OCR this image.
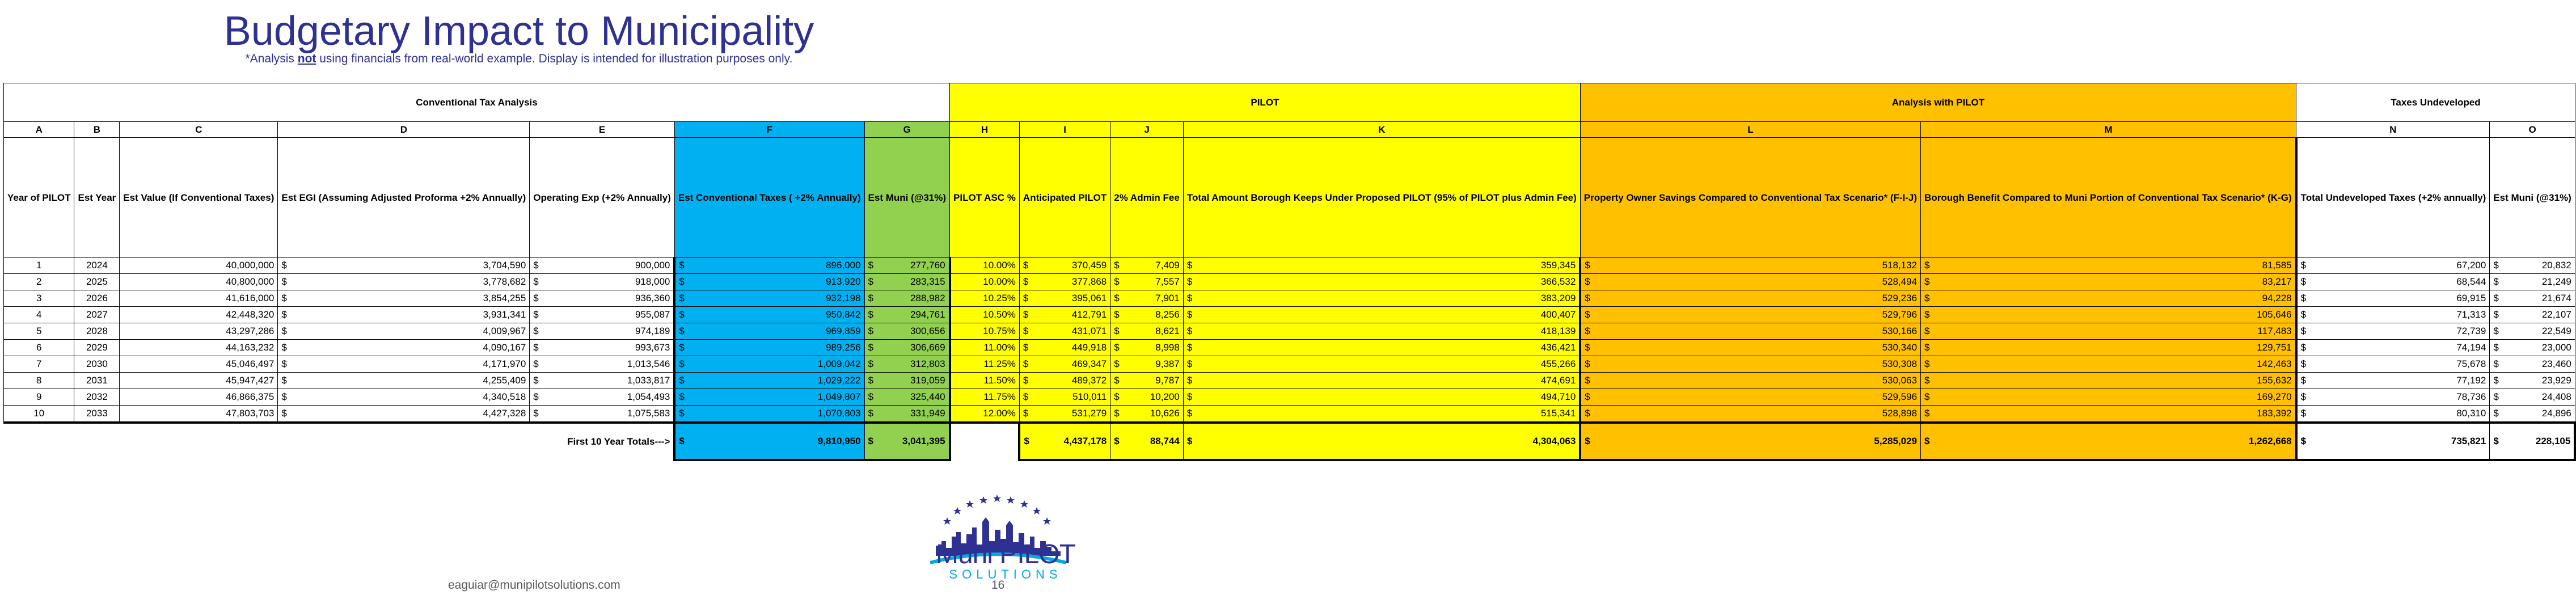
Budgetary Impact to Municipality
*Analysis not using financials from real-world example. Display is intended for illustration purposes only.
Conventional Tax Analysis							PILOT				Analysis with PILOT		Taxes Undeveloped	
A	B	C	D	E	F	G	H	I	J	K	L	M	N	O
Year of PILOT	Est Year	Est Value (If Conventional Taxes)	Est EGI (Assuming Adjusted Proforma +2% Annually)	Operating Exp (+2% Annually)	Est Conventional Taxes ( +2% Annually)	Est Muni (@31%)	PILOT ASC %	Anticipated PILOT	2% Admin Fee	Total Amount Borough Keeps Under Proposed PILOT (95% of PILOT plus Admin Fee)	Property Owner Savings Compared to Conventional Tax Scenario* (F-I-J)	Borough Benefit Compared to Muni Portion of Conventional Tax Scenario* (K-G)	Total Undeveloped Taxes (+2% annually)	Est Muni (@31%)
1	2024	40,000,000	$ 3,704,590	$ 900,000	$ 896,000	$ 277,760	10.00%	$ 370,459	$ 7,409	$ 359,345	$ 518,132	$ 81,585	$ 67,200	$ 20,832

2	2025	40,800,000	$ 3,778,682	$ 918,000	$ 913,920	$ 283,315	10.00%	$ 377,868	$ 7,557	$ 366,532	$ 528,494	$ 83,217	$ 68,544	$ 21,249

3	2026	41,616,000	$ 3,854,255	$ 936,360	$ 932,198	$ 288,982	10.25%	$ 395,061	$ 7,901	$ 383,209	$ 529,236	$ 94,228	$ 69,915	$ 21,674

4	2027	42,448,320	$ 3,931,341	$ 955,087	$ 950,842	$ 294,761	10.50%	$ 412,791	$ 8,256	$ 400,407	$ 529,796	$ 105,646	$ 71,313	$ 22,107

5	2028	43,297,286	$ 4,009,967	$ 974,189	$ 969,859	$ 300,656	10.75%	$ 431,071	$ 8,621	$ 418,139	$ 530,166	$ 117,483	$ 72,739	$ 22,549

6	2029	44,163,232	$ 4,090,167	$ 993,673	$ 989,256	$ 306,669	11.00%	$ 449,918	$ 8,998	$ 436,421	$ 530,340	$ 129,751	$ 74,194	$ 23,000

7	2030	45,046,497	$ 4,171,970	$ 1,013,546	$ 1,009,042	$ 312,803	11.25%	$ 469,347	$ 9,387	$ 455,266	$ 530,308	$ 142,463	$ 75,678	$ 23,460

8	2031	45,947,427	$ 4,255,409	$ 1,033,817	$ 1,029,222	$ 319,059	11.50%	$ 489,372	$ 9,787	$ 474,691	$ 530,063	$ 155,632	$ 77,192	$ 23,929

9	2032	46,866,375	$ 4,340,518	$ 1,054,493	$ 1,049,807	$ 325,440	11.75%	$ 510,011	$ 10,200	$ 494,710	$ 529,596	$ 169,270	$ 78,736	$ 24,408

10	2033	47,803,703	$ 4,427,328	$ 1,075,583	$ 1,070,803	$ 331,949	12.00%	$ 531,279	$ 10,626	$ 515,341	$ 528,898	$ 183,392	$ 80,310	$ 24,896

First 10 Year Totals--->					$ 9,810,950	$ 3,041,395		$ 4,437,178	$ 88,744	$ 4,304,063	$ 5,285,029	$ 1,262,668	$ 735,821	$ 228,105
eaguiar@munipilotsolutions.com	16
Muni PILOT
SOLUTIONS
